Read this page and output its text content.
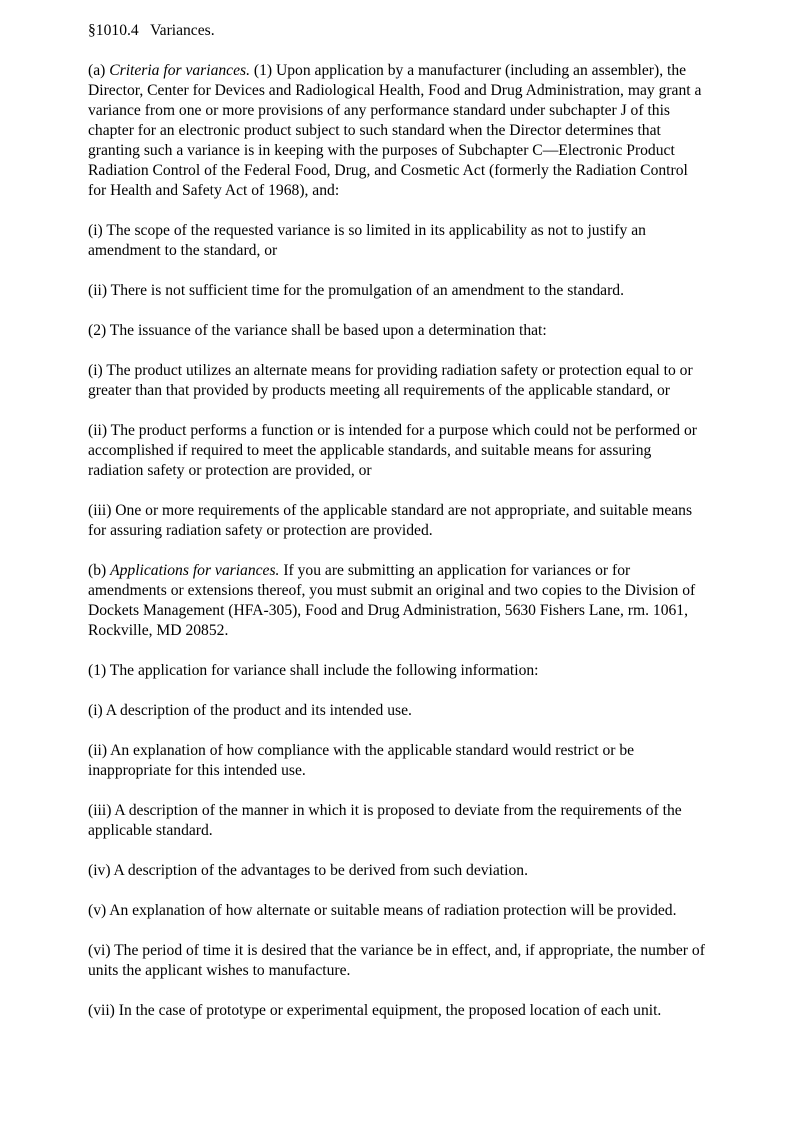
§1010.4 Variances.
(a) Criteria for variances. (1) Upon application by a manufacturer (including an assembler), the Director, Center for Devices and Radiological Health, Food and Drug Administration, may grant a variance from one or more provisions of any performance standard under subchapter J of this chapter for an electronic product subject to such standard when the Director determines that granting such a variance is in keeping with the purposes of Subchapter C—Electronic Product Radiation Control of the Federal Food, Drug, and Cosmetic Act (formerly the Radiation Control for Health and Safety Act of 1968), and:
(i) The scope of the requested variance is so limited in its applicability as not to justify an amendment to the standard, or
(ii) There is not sufficient time for the promulgation of an amendment to the standard.
(2) The issuance of the variance shall be based upon a determination that:
(i) The product utilizes an alternate means for providing radiation safety or protection equal to or greater than that provided by products meeting all requirements of the applicable standard, or
(ii) The product performs a function or is intended for a purpose which could not be performed or accomplished if required to meet the applicable standards, and suitable means for assuring radiation safety or protection are provided, or
(iii) One or more requirements of the applicable standard are not appropriate, and suitable means for assuring radiation safety or protection are provided.
(b) Applications for variances. If you are submitting an application for variances or for amendments or extensions thereof, you must submit an original and two copies to the Division of Dockets Management (HFA-305), Food and Drug Administration, 5630 Fishers Lane, rm. 1061, Rockville, MD 20852.
(1) The application for variance shall include the following information:
(i) A description of the product and its intended use.
(ii) An explanation of how compliance with the applicable standard would restrict or be inappropriate for this intended use.
(iii) A description of the manner in which it is proposed to deviate from the requirements of the applicable standard.
(iv) A description of the advantages to be derived from such deviation.
(v) An explanation of how alternate or suitable means of radiation protection will be provided.
(vi) The period of time it is desired that the variance be in effect, and, if appropriate, the number of units the applicant wishes to manufacture.
(vii) In the case of prototype or experimental equipment, the proposed location of each unit.
